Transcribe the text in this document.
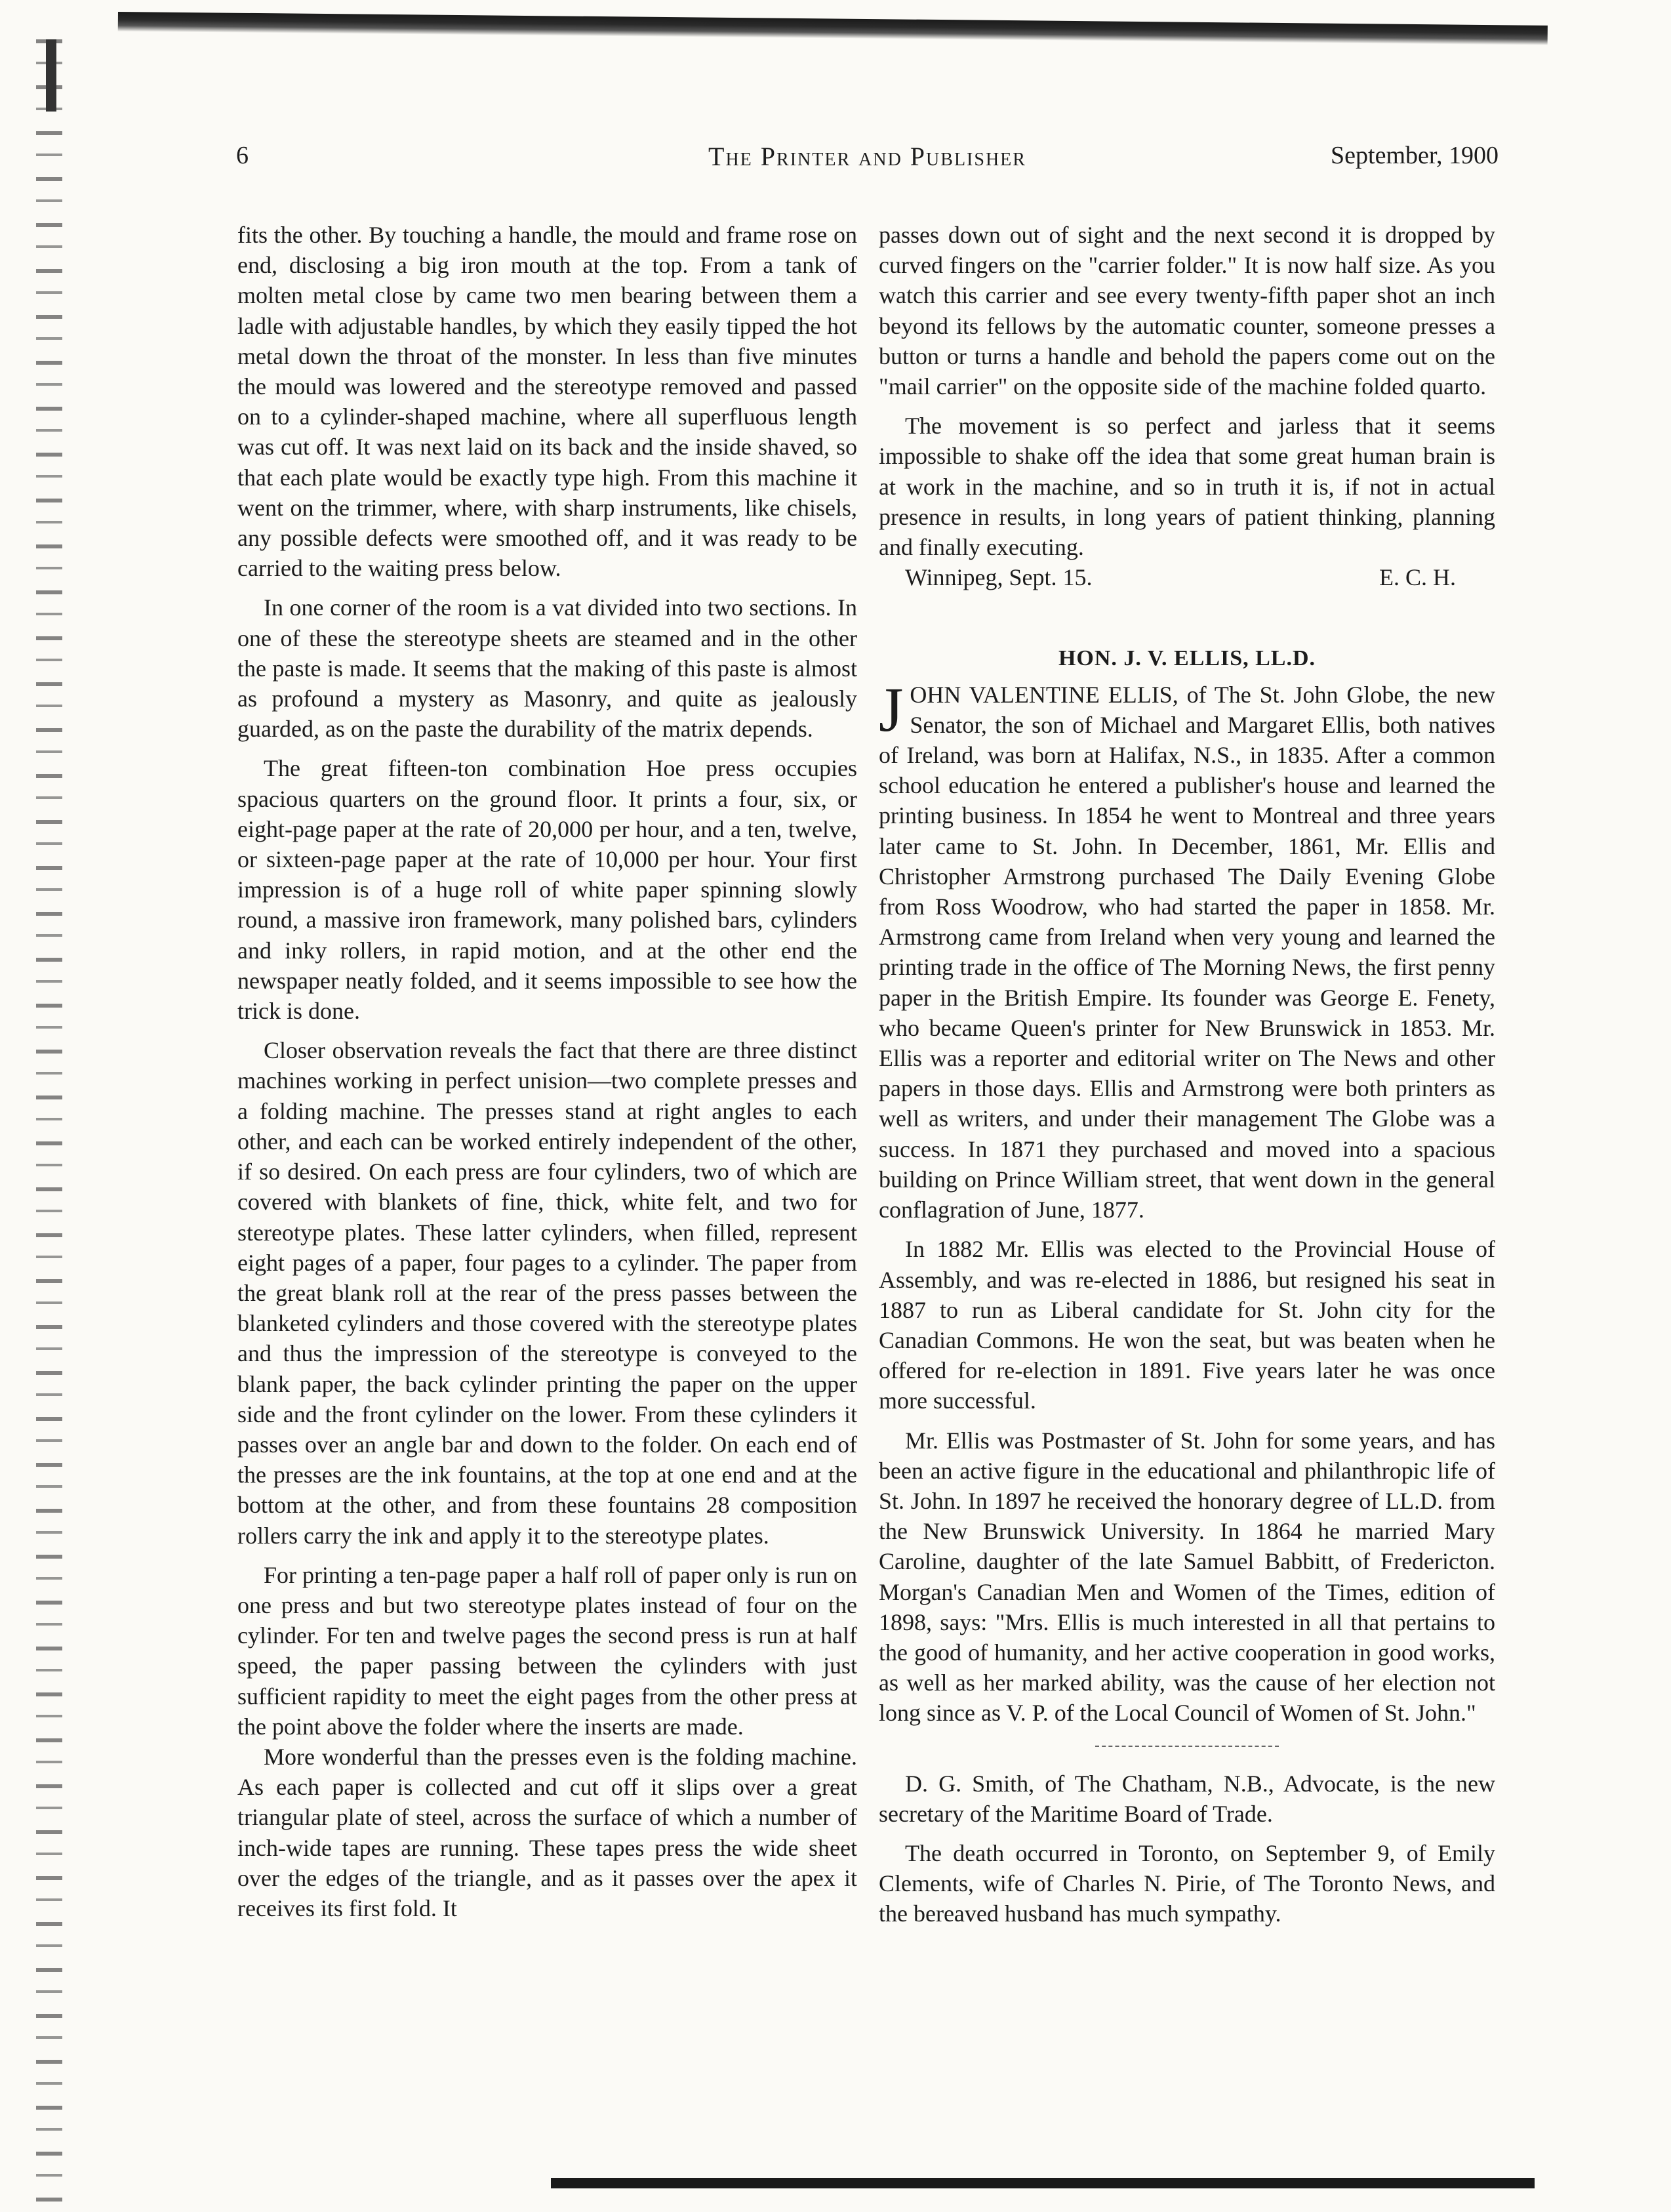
6	The Printer and Publisher	September, 1900

fits the other. By touching a handle, the mould and frame rose on end, disclosing a big iron mouth at the top. From a tank of molten metal close by came two men bearing between them a ladle with adjustable handles, by which they easily tipped the hot metal down the throat of the monster. In less than five minutes the mould was lowered and the stereotype removed and passed on to a cylinder-shaped machine, where all superfluous length was cut off. It was next laid on its back and the inside shaved, so that each plate would be exactly type high. From this machine it went on the trimmer, where, with sharp instruments, like chisels, any possible defects were smoothed off, and it was ready to be carried to the waiting press below.

In one corner of the room is a vat divided into two sections. In one of these the stereotype sheets are steamed and in the other the paste is made. It seems that the making of this paste is almost as profound a mystery as Masonry, and quite as jealously guarded, as on the paste the durability of the matrix depends.

The great fifteen-ton combination Hoe press occupies spacious quarters on the ground floor. It prints a four, six, or eight-page paper at the rate of 20,000 per hour, and a ten, twelve, or sixteen-page paper at the rate of 10,000 per hour. Your first impression is of a huge roll of white paper spinning slowly round, a massive iron framework, many polished bars, cylinders and inky rollers, in rapid motion, and at the other end the newspaper neatly folded, and it seems impossible to see how the trick is done.

Closer observation reveals the fact that there are three distinct machines working in perfect unision—two complete presses and a folding machine. The presses stand at right angles to each other, and each can be worked entirely independent of the other, if so desired. On each press are four cylinders, two of which are covered with blankets of fine, thick, white felt, and two for stereotype plates. These latter cylinders, when filled, represent eight pages of a paper, four pages to a cylinder. The paper from the great blank roll at the rear of the press passes between the blanketed cylinders and those covered with the stereotype plates and thus the impression of the stereotype is conveyed to the blank paper, the back cylinder printing the paper on the upper side and the front cylinder on the lower. From these cylinders it passes over an angle bar and down to the folder. On each end of the presses are the ink fountains, at the top at one end and at the bottom at the other, and from these fountains 28 composition rollers carry the ink and apply it to the stereotype plates.

For printing a ten-page paper a half roll of paper only is run on one press and but two stereotype plates instead of four on the cylinder. For ten and twelve pages the second press is run at half speed, the paper passing between the cylinders with just sufficient rapidity to meet the eight pages from the other press at the point above the folder where the inserts are made.

More wonderful than the presses even is the folding machine. As each paper is collected and cut off it slips over a great triangular plate of steel, across the surface of which a number of inch-wide tapes are running. These tapes press the wide sheet over the edges of the triangle, and as it passes over the apex it receives its first fold. It

passes down out of sight and the next second it is dropped by curved fingers on the "carrier folder." It is now half size. As you watch this carrier and see every twenty-fifth paper shot an inch beyond its fellows by the automatic counter, someone presses a button or turns a handle and behold the papers come out on the "mail carrier" on the opposite side of the machine folded quarto.

The movement is so perfect and jarless that it seems impossible to shake off the idea that some great human brain is at work in the machine, and so in truth it is, if not in actual presence in results, in long years of patient thinking, planning and finally executing.

Winnipeg, Sept. 15.	E. C. H.
HON. J. V. ELLIS, LL.D.

JOHN VALENTINE ELLIS, of The St. John Globe, the new Senator, the son of Michael and Margaret Ellis, both natives of Ireland, was born at Halifax, N.S., in 1835. After a common school education he entered a publisher's house and learned the printing business. In 1854 he went to Montreal and three years later came to St. John. In December, 1861, Mr. Ellis and Christopher Armstrong purchased The Daily Evening Globe from Ross Woodrow, who had started the paper in 1858. Mr. Armstrong came from Ireland when very young and learned the printing trade in the office of The Morning News, the first penny paper in the British Empire. Its founder was George E. Fenety, who became Queen's printer for New Brunswick in 1853. Mr. Ellis was a reporter and editorial writer on The News and other papers in those days. Ellis and Armstrong were both printers as well as writers, and under their management The Globe was a success. In 1871 they purchased and moved into a spacious building on Prince William street, that went down in the general conflagration of June, 1877.

In 1882 Mr. Ellis was elected to the Provincial House of Assembly, and was re-elected in 1886, but resigned his seat in 1887 to run as Liberal candidate for St. John city for the Canadian Commons. He won the seat, but was beaten when he offered for re-election in 1891. Five years later he was once more successful.

Mr. Ellis was Postmaster of St. John for some years, and has been an active figure in the educational and philanthropic life of St. John. In 1897 he received the honorary degree of LL.D. from the New Brunswick University. In 1864 he married Mary Caroline, daughter of the late Samuel Babbitt, of Fredericton. Morgan's Canadian Men and Women of the Times, edition of 1898, says: "Mrs. Ellis is much interested in all that pertains to the good of humanity, and her active cooperation in good works, as well as her marked ability, was the cause of her election not long since as V. P. of the Local Council of Women of St. John."

D. G. Smith, of The Chatham, N.B., Advocate, is the new secretary of the Maritime Board of Trade.

The death occurred in Toronto, on September 9, of Emily Clements, wife of Charles N. Pirie, of The Toronto News, and the bereaved husband has much sympathy.
